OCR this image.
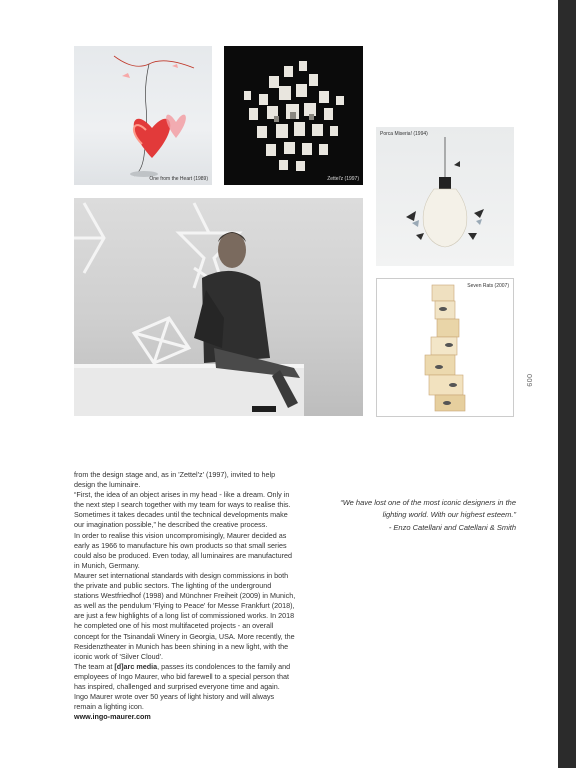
One from the Heart (1989)	Zettel'z (1997)
Porca Miseria! (1994)
Seven Rats (2007)
009

from the design stage and, as in 'Zettel'z' (1997), invited to help design the luminaire.

“First, the idea of an object arises in my head - like a dream. Only in the next step I search together with my team for ways to realise this. Sometimes it takes decades until the technical developments make our imagination possible,” he described the creative process.

In order to realise this vision uncompromisingly, Maurer decided as early as 1966 to manufacture his own products so that small series could also be produced. Even today, all luminaires are manufactured in Munich, Germany.

Maurer set international standards with design commissions in both the private and public sectors. The lighting of the underground stations Westfriedhof (1998) and Münchner Freiheit (2009) in Munich, as well as the pendulum 'Flying to Peace' for Messe Frankfurt (2018), are just a few highlights of a long list of commissioned works. In 2018 he completed one of his most multifaceted projects - an overall concept for the Tsinandali Winery in Georgia, USA. More recently, the Residenztheater in Munich has been shining in a new light, with the iconic work of 'Silver Cloud'.

The team at [d]arc media, passes its condolences to the family and employees of Ingo Maurer, who bid farewell to a special person that has inspired, challenged and surprised everyone time and again.

Ingo Maurer wrote over 50 years of light history and will always remain a lighting icon.

www.ingo-maurer.com

“We have lost one of the most iconic designers in the lighting world. With our highest esteem.”
- Enzo Catellani and Catellani & Smith
